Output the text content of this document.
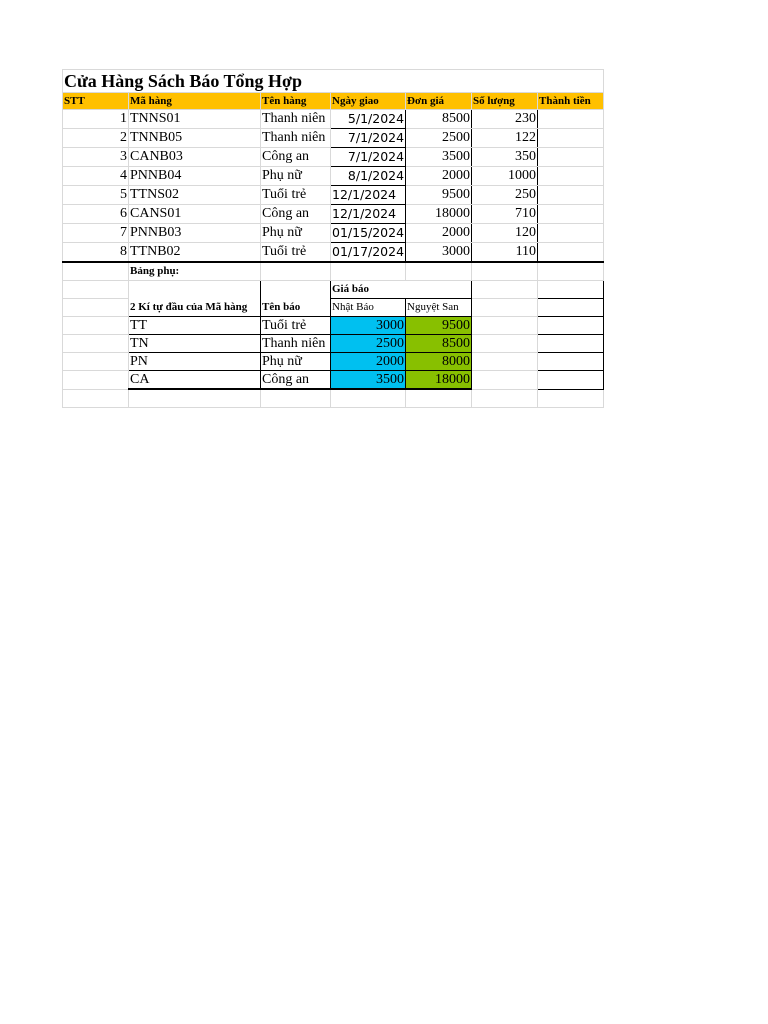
Cửa Hàng Sách Báo Tổng Hợp						
STT	Mã hàng	Tên hàng	Ngày giao	Đơn giá	Số lượng	Thành tiền
1	TNNS01	Thanh niên	5/1/2024	8500	230	
2	TNNB05	Thanh niên	7/1/2024	2500	122	
3	CANB03	Công an	7/1/2024	3500	350	
4	PNNB04	Phụ nữ	8/1/2024	2000	1000	
5	TTNS02	Tuổi trẻ	12/1/2024	9500	250	
6	CANS01	Công an	12/1/2024	18000	710	
7	PNNB03	Phụ nữ	01/15/2024	2000	120	
8	TTNB02	Tuổi trẻ	01/17/2024	3000	110	
	Bảng phụ:					
			Giá báo			
	2 Kí tự đầu của Mã hàng	Tên báo	Nhật Báo	Nguyệt San		
	TT	Tuổi trẻ	3000	9500		
	TN	Thanh niên	2500	8500		
	PN	Phụ nữ	2000	8000		
	CA	Công an	3500	18000		
